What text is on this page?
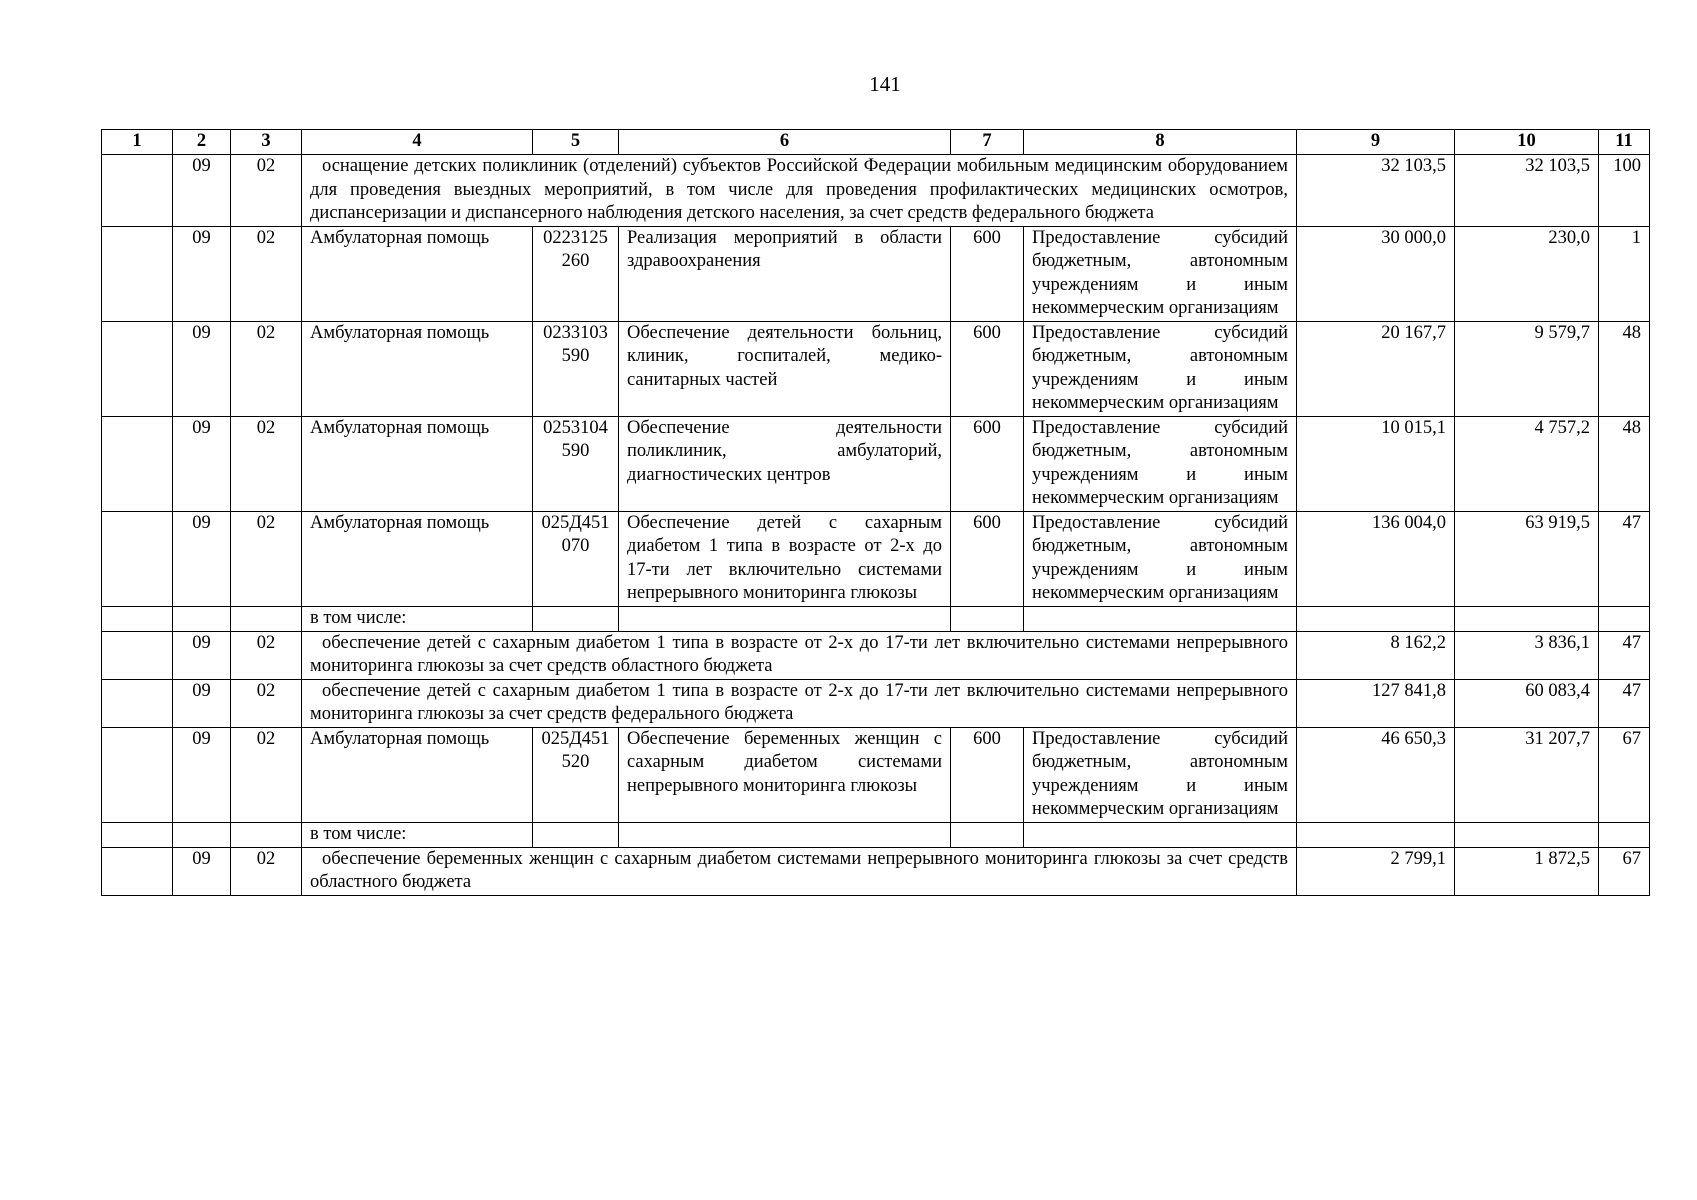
141
1	2	3	4	5	6	7	8	9	10	11
	09	02	оснащение детских поликлиник (отделений) субъектов Российской Федерации мобильным медицинским оборудованием для проведения выездных мероприятий, в том числе для проведения профилактических медицинских осмотров, диспансеризации и диспансерного наблюдения детского населения, за счет средств федерального бюджета					32 103,5	32 103,5	100
	09	02	Амбулаторная помощь	0223125260	Реализация мероприятий в области здравоохранения	600	Предоставление субсидий бюджетным, автономным учреждениям и иным некоммерческим организациям	30 000,0	230,0	1
	09	02	Амбулаторная помощь	0233103590	Обеспечение деятельности больниц, клиник, госпиталей, медико-санитарных частей	600	Предоставление субсидий бюджетным, автономным учреждениям и иным некоммерческим организациям	20 167,7	9 579,7	48
	09	02	Амбулаторная помощь	0253104590	Обеспечение деятельности поликлиник, амбулаторий, диагностических центров	600	Предоставление субсидий бюджетным, автономным учреждениям и иным некоммерческим организациям	10 015,1	4 757,2	48
	09	02	Амбулаторная помощь	025Д451070	Обеспечение детей с сахарным диабетом 1 типа в возрасте от 2-х до 17-ти лет включительно системами непрерывного мониторинга глюкозы	600	Предоставление субсидий бюджетным, автономным учреждениям и иным некоммерческим организациям	136 004,0	63 919,5	47
			в том числе:							
	09	02	обеспечение детей с сахарным диабетом 1 типа в возрасте от 2-х до 17-ти лет включительно системами непрерывного мониторинга глюкозы за счет средств областного бюджета					8 162,2	3 836,1	47
	09	02	обеспечение детей с сахарным диабетом 1 типа в возрасте от 2-х до 17-ти лет включительно системами непрерывного мониторинга глюкозы за счет средств федерального бюджета					127 841,8	60 083,4	47
	09	02	Амбулаторная помощь	025Д451520	Обеспечение беременных женщин с сахарным диабетом системами непрерывного мониторинга глюкозы	600	Предоставление субсидий бюджетным, автономным учреждениям и иным некоммерческим организациям	46 650,3	31 207,7	67
			в том числе:							
	09	02	обеспечение беременных женщин с сахарным диабетом системами непрерывного мониторинга глюкозы за счет средств областного бюджета					2 799,1	1 872,5	67
